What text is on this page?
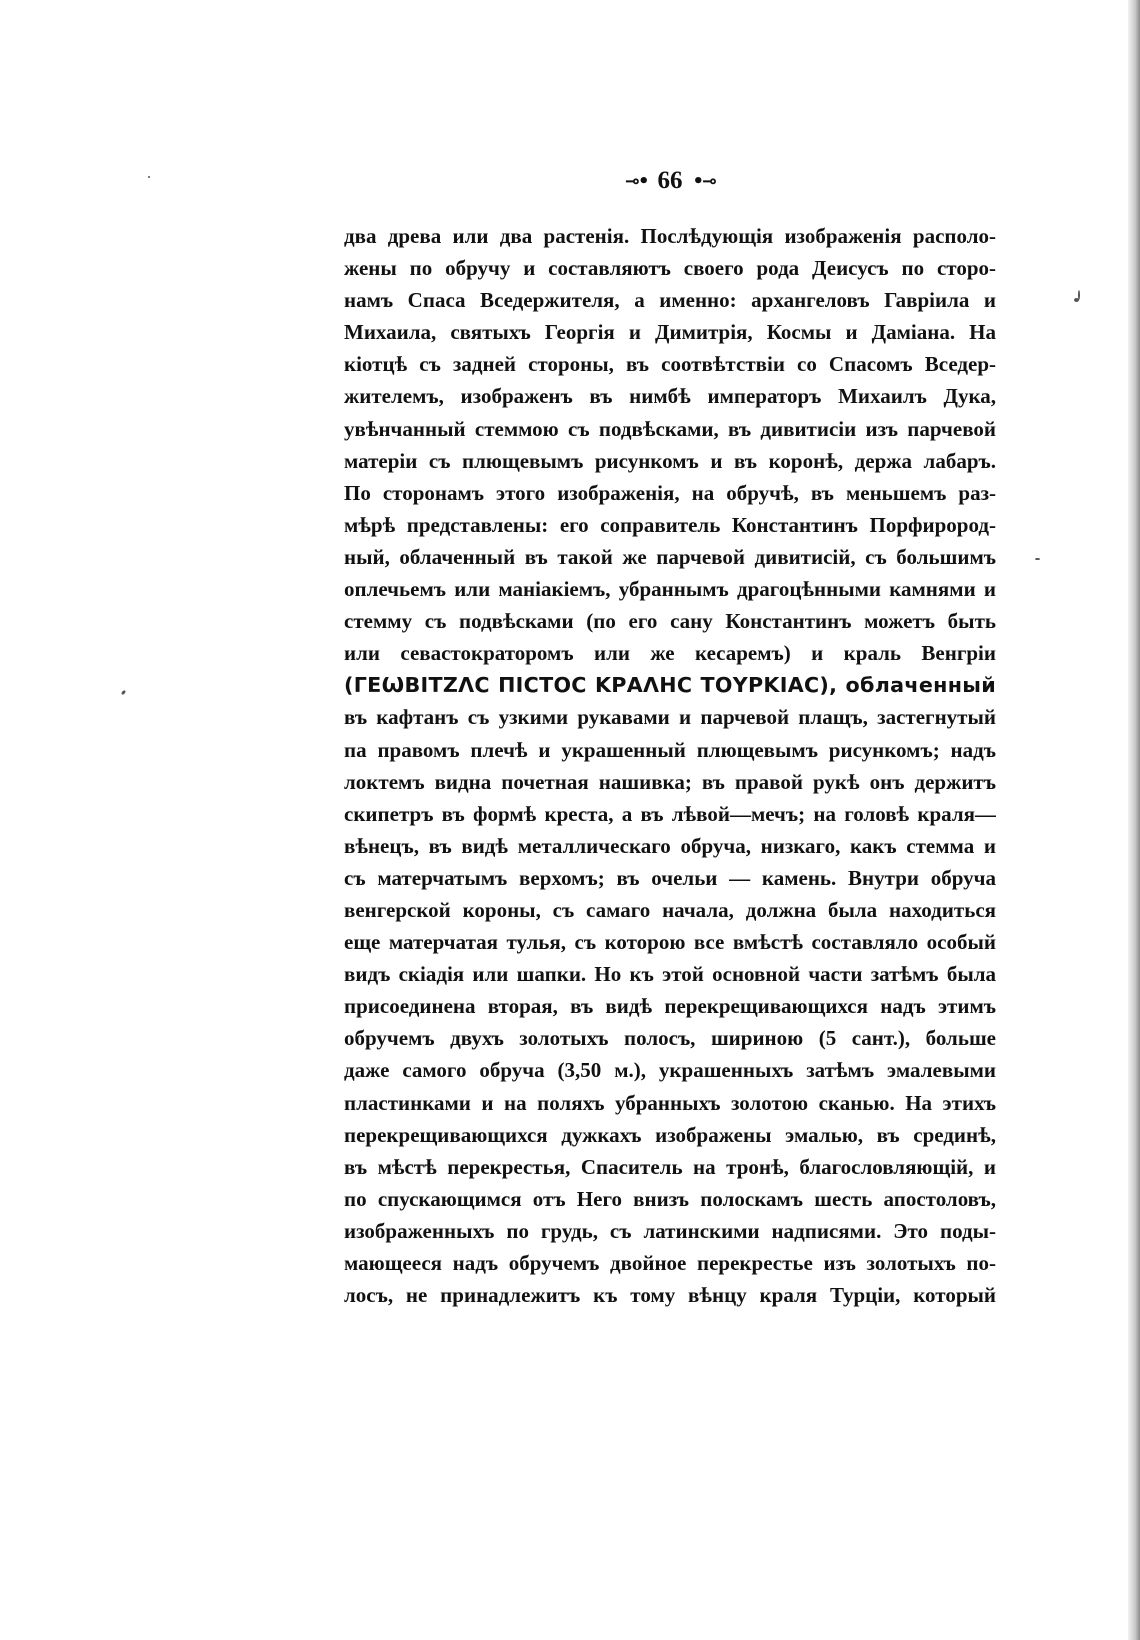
⊸• 66 •⊸
два древа или два растенія. Послѣдующія изображенія располо-
жены по обручу и составляютъ своего рода Деисусъ по сторо-
намъ Спаса Вседержителя, а именно: архангеловъ Гавріила и
Михаила, святыхъ Георгія и Димитрія, Космы и Даміана. На
кіотцѣ съ задней стороны, въ соотвѣтствіи со Спасомъ Вседер-
жителемъ, изображенъ въ нимбѣ императоръ Михаилъ Дука,
увѣнчанный стеммою съ подвѣсками, въ дивитисіи изъ парчевой
матеріи съ плющевымъ рисункомъ и въ коронѣ, держа лабаръ.
По сторонамъ этого изображенія, на обручѣ, въ меньшемъ раз-
мѣрѣ представлены: его соправитель Константинъ Порфирород-
ный, облаченный въ такой же парчевой дивитисій, съ большимъ
оплечьемъ или маніакіемъ, убраннымъ драгоцѣнными камнями и
стемму съ подвѣсками (по его сану Константинъ можетъ быть
или севастократоромъ или же кесаремъ) и краль Венгріи
(ΓΕѠΒΙΤΖΛϹ ΠΙϹΤΟϹ ΚΡΑΛΗϹ ΤΟΥΡΚΙΑϹ), облаченный
въ кафтанъ съ узкими рукавами и парчевой плащъ, застегнутый
па правомъ плечѣ и украшенный плющевымъ рисункомъ; надъ
локтемъ видна почетная нашивка; въ правой рукѣ онъ держитъ
скипетръ въ формѣ креста, а въ лѣвой—мечъ; на головѣ краля—
вѣнецъ, въ видѣ металлическаго обруча, низкаго, какъ стемма и
съ матерчатымъ верхомъ; въ очельи — камень. Внутри обруча
венгерской короны, съ самаго начала, должна была находиться
еще матерчатая тулья, съ которою все вмѣстѣ составляло особый
видъ скіадія или шапки. Но къ этой основной части затѣмъ была
присоединена вторая, въ видѣ перекрещивающихся надъ этимъ
обручемъ двухъ золотыхъ полосъ, шириною (5 сант.), больше
даже самого обруча (3,50 м.), украшенныхъ затѣмъ эмалевыми
пластинками и на поляхъ убранныхъ золотою сканью. На этихъ
перекрещивающихся дужкахъ изображены эмалью, въ срединѣ,
въ мѣстѣ перекрестья, Спаситель на тронѣ, благословляющій, и
по спускающимся отъ Него внизъ полоскамъ шесть апостоловъ,
изображенныхъ по грудь, съ латинскими надписями. Это поды-
мающееся надъ обручемъ двойное перекрестье изъ золотыхъ по-
лосъ, не принадлежитъ къ тому вѣнцу краля Турціи, который
